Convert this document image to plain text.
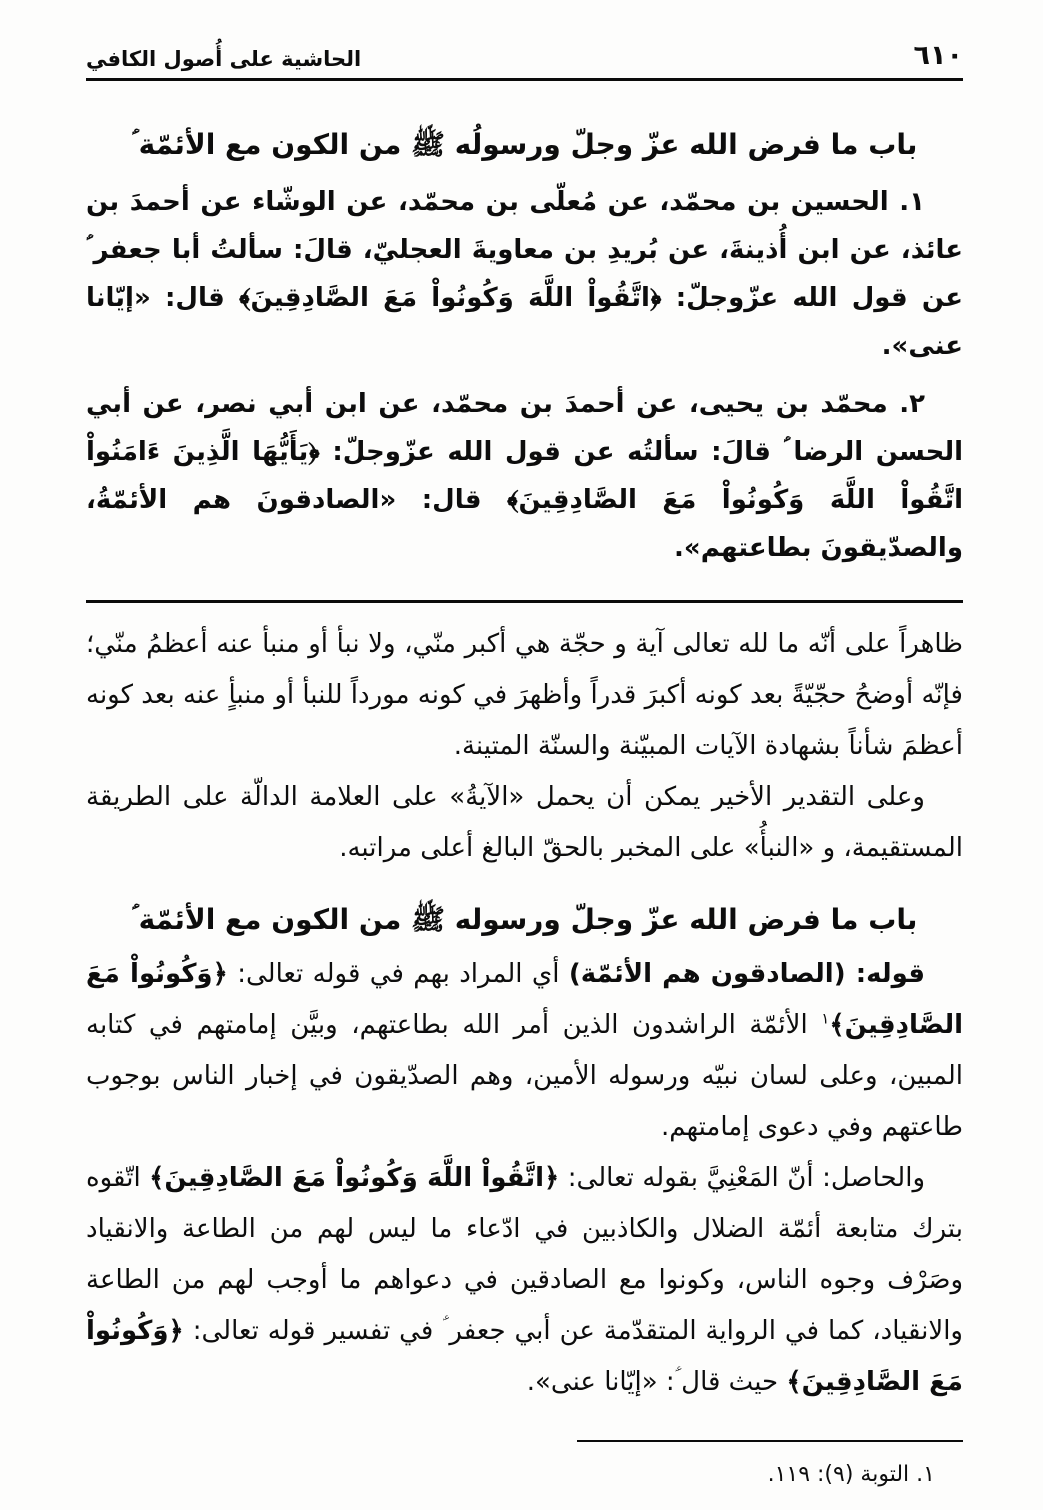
الحاشية على أُصول الكافي	٦١٠
باب ما فرض الله عزّ وجلّ ورسولُه ﷺ من الكون مع الأئمّة ؑ

١. الحسين بن محمّد، عن مُعلّى بن محمّد، عن الوشّاء عن أحمدَ بن عائذ، عن ابن أُذينةَ، عن بُريدِ بن معاويةَ العجليّ، قالَ: سألتُ أبا جعفر ؑ عن قول الله عزّوجلّ: ﴿اتَّقُواْ اللَّهَ وَكُونُواْ مَعَ الصَّادِقِينَ﴾ قال: «إيّانا عنى».

٢. محمّد بن يحيى، عن أحمدَ بن محمّد، عن ابن أبي نصر، عن أبي الحسن الرضا ؑ قالَ: سألتُه عن قول الله عزّوجلّ: ﴿يَأَيُّهَا الَّذِينَ ءَامَنُواْ اتَّقُواْ اللَّهَ وَكُونُواْ مَعَ الصَّادِقِينَ﴾ قال: «الصادقونَ هم الأئمّةُ، والصدّيقونَ بطاعتهم».

ظاهراً على أنّه ما لله تعالى آية و حجّة هي أكبر منّي، ولا نبأ أو منبأ عنه أعظمُ منّي؛ فإنّه أوضحُ حجّيّةً بعد كونه أكبرَ قدراً وأظهرَ في كونه مورداً للنبأ أو منبأٍ عنه بعد كونه أعظمَ شأناً بشهادة الآيات المبيّنة والسنّة المتينة.

وعلى التقدير الأخير يمكن أن يحمل «الآيةُ» على العلامة الدالّة على الطريقة المستقيمة، و «النبأُ» على المخبر بالحقّ البالغ أعلى مراتبه.

باب ما فرض الله عزّ وجلّ ورسوله ﷺ من الكون مع الأئمّة ؑ

قوله: (الصادقون هم الأئمّة) أي المراد بهم في قوله تعالى: ﴿وَكُونُواْ مَعَ الصَّادِقِينَ﴾$^١$ الأئمّة الراشدون الذين أمر الله بطاعتهم، وبيَّن إمامتهم في كتابه المبين، وعلى لسان نبيّه ورسوله الأمين، وهم الصدّيقون في إخبار الناس بوجوب طاعتهم وفي دعوى إمامتهم.

والحاصل: أنّ المَعْنِيَّ بقوله تعالى: ﴿اتَّقُواْ اللَّهَ وَكُونُواْ مَعَ الصَّادِقِينَ﴾ اتّقوه بترك متابعة أئمّة الضلال والكاذبين في ادّعاء ما ليس لهم من الطاعة والانقياد وصَرْف وجوه الناس، وكونوا مع الصادقين في دعواهم ما أوجب لهم من الطاعة والانقياد، كما في الرواية المتقدّمة عن أبي جعفر ؑ في تفسير قوله تعالى: ﴿وَكُونُواْ مَعَ الصَّادِقِينَ﴾ حيث قال ؑ: «إيّانا عنى».

١. التوبة (٩): ١١٩.
